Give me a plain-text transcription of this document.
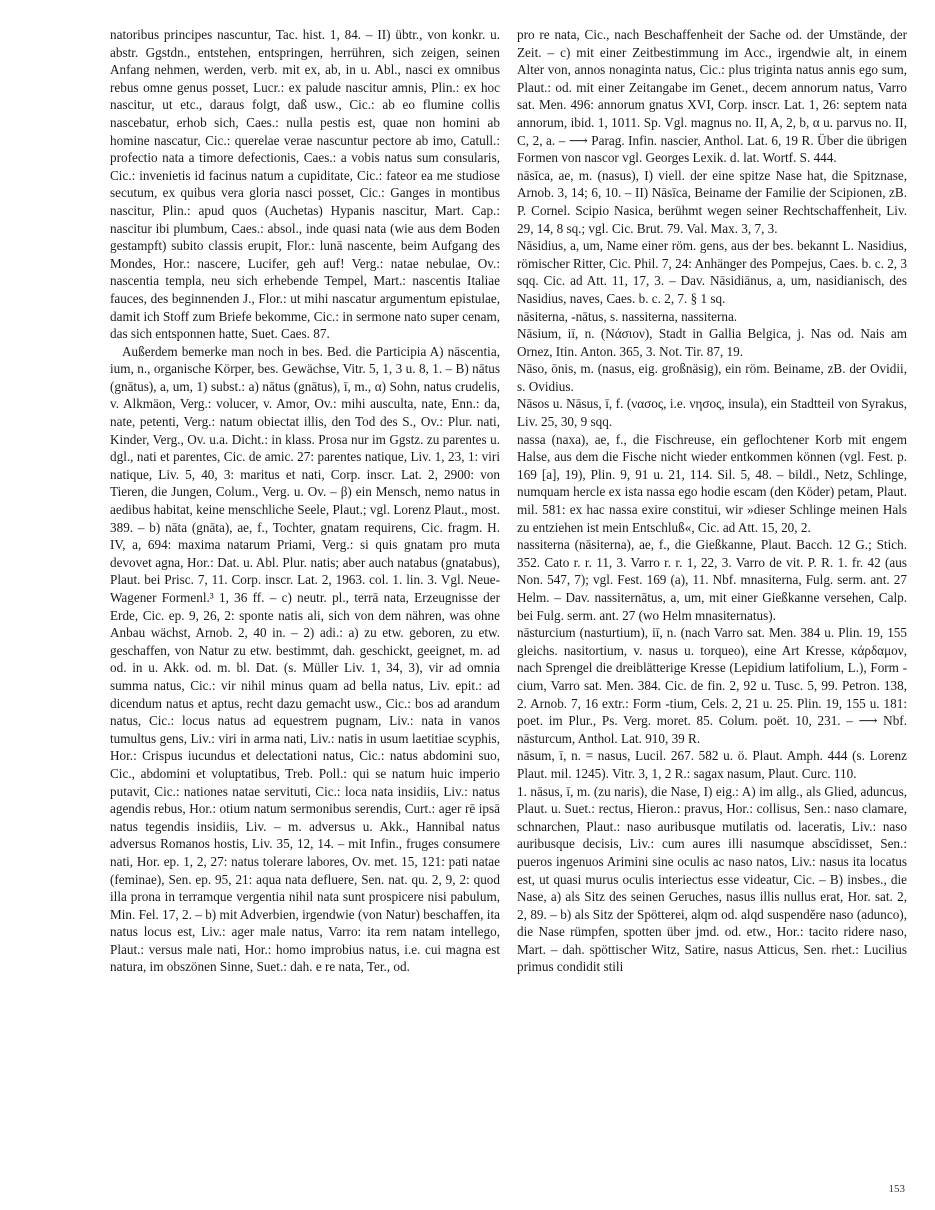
natoribus principes nascuntur, Tac. hist. 1, 84. – II) übtr., von konkr. u. abstr. Ggstdn., entstehen, entspringen, herrühren, sich zeigen, seinen Anfang nehmen, werden, verb. mit ex, ab, in u. Abl., nasci ex omnibus rebus omne genus posset, Lucr.: ex palude nascitur amnis, Plin.: ex hoc nascitur, ut etc., daraus folgt, daß usw., Cic.: ab eo flumine collis nascebatur, erhob sich, Caes.: nulla pestis est, quae non homini ab homine nascatur, Cic.: querelae verae nascuntur pectore ab imo, Catull.: profectio nata a timore defectionis, Caes.: a vobis natus sum consularis, Cic.: invenietis id facinus natum a cupiditate, Cic.: fateor ea me studiose secutum, ex quibus vera gloria nasci posset, Cic.: Ganges in montibus nascitur, Plin.: apud quos (Auchetas) Hypanis nascitur, Mart. Cap.: nascitur ibi plumbum, Caes.: absol., inde quasi nata (wie aus dem Boden gestampft) subito classis erupit, Flor.: lunā nascente, beim Aufgang des Mondes, Hor.: nascere, Lucifer, geh auf! Verg.: natae nebulae, Ov.: nascentia templa, neu sich erhebende Tempel, Mart.: nascentis Italiae fauces, des beginnenden J., Flor.: ut mihi nascatur argumentum epistulae, damit ich Stoff zum Briefe bekomme, Cic.: in sermone nato super cenam, das sich entsponnen hatte, Suet. Caes. 87.

Außerdem bemerke man noch in bes. Bed. die Participia A) nāscentia, ium, n., organische Körper, bes. Gewächse, Vitr. 5, 1, 3 u. 8, 1. – B) nātus (gnātus), a, um, 1) subst.: a) nātus (gnātus), ī, m., α) Sohn, natus crudelis, v. Alkmäon, Verg.: volucer, v. Amor, Ov.: mihi ausculta, nate, Enn.: da, nate, petenti, Verg.: natum obiectat illis, den Tod des S., Ov.: Plur. nati, Kinder, Verg., Ov. u.a. Dicht.: in klass. Prosa nur im Ggstz. zu parentes u. dgl., nati et parentes, Cic. de amic. 27: parentes natique, Liv. 1, 23, 1: viri natique, Liv. 5, 40, 3: maritus et nati, Corp. inscr. Lat. 2, 2900: von Tieren, die Jungen, Colum., Verg. u. Ov. – β) ein Mensch, nemo natus in aedibus habitat, keine menschliche Seele, Plaut.; vgl. Lorenz Plaut., most. 389. – b) nāta (gnāta), ae, f., Tochter, gnatam requirens, Cic. fragm. H. IV, a, 694: maxima natarum Priami, Verg.: si quis gnatam pro muta devovet agna, Hor.: Dat. u. Abl. Plur. natis; aber auch natabus (gnatabus), Plaut. bei Prisc. 7, 11. Corp. inscr. Lat. 2, 1963. col. 1. lin. 3. Vgl. Neue-Wagener Formenl.³ 1, 36 ff. – c) neutr. pl., terrā nata, Erzeugnisse der Erde, Cic. ep. 9, 26, 2: sponte natis ali, sich von dem nähren, was ohne Anbau wächst, Arnob. 2, 40 in. – 2) adi.: a) zu etw. geboren, zu etw. geschaffen, von Natur zu etw. bestimmt, dah. geschickt, geeignet, m. ad od. in u. Akk. od. m. bl. Dat. (s. Müller Liv. 1, 34, 3), vir ad omnia summa natus, Cic.: vir nihil minus quam ad bella natus, Liv. epit.: ad dicendum natus et aptus, recht dazu gemacht usw., Cic.: bos ad arandum natus, Cic.: locus natus ad equestrem pugnam, Liv.: nata in vanos tumultus gens, Liv.: viri in arma nati, Liv.: natis in usum laetitiae scyphis, Hor.: Crispus iucundus et delectationi natus, Cic.: natus abdomini suo, Cic., abdomini et voluptatibus, Treb. Poll.: qui se natum huic imperio putavit, Cic.: nationes natae servituti, Cic.: loca nata insidiis, Liv.: natus agendis rebus, Hor.: otium natum sermonibus serendis, Curt.: ager rē ipsā natus tegendis insidiis, Liv. – m. adversus u. Akk., Hannibal natus adversus Romanos hostis, Liv. 35, 12, 14. – mit Infin., fruges consumere nati, Hor. ep. 1, 2, 27: natus tolerare labores, Ov. met. 15, 121: pati natae (feminae), Sen. ep. 95, 21: aqua nata defluere, Sen. nat. qu. 2, 9, 2: quod illa prona in terramque vergentia nihil nata sunt prospicere nisi pabulum, Min. Fel. 17, 2. – b) mit Adverbien, irgendwie (von Natur) beschaffen, ita natus locus est, Liv.: ager male natus, Varro: ita rem natam intellego, Plaut.: versus male nati, Hor.: homo improbius natus, i.e. cui magna est natura, im obszönen Sinne, Suet.: dah. e re nata, Ter., od.

pro re nata, Cic., nach Beschaffenheit der Sache od. der Umstände, der Zeit. – c) mit einer Zeitbestimmung im Acc., irgendwie alt, in einem Alter von, annos nonaginta natus, Cic.: plus triginta natus annis ego sum, Plaut.: od. mit einer Zeitangabe im Genet., decem annorum natus, Varro sat. Men. 496: annorum gnatus XVI, Corp. inscr. Lat. 1, 26: septem nata annorum, ibid. 1, 1011. Sp. Vgl. magnus no. II, A, 2, b, α u. parvus no. II, C, 2, a. – ⟶ Parag. Infin. nascier, Anthol. Lat. 6, 19 R. Über die übrigen Formen von nascor vgl. Georges Lexik. d. lat. Wortf. S. 444.

nāsīca, ae, m. (nasus), I) viell. der eine spitze Nase hat, die Spitznase, Arnob. 3, 14; 6, 10. – II) Nāsīca, Beiname der Familie der Scipionen, zB. P. Cornel. Scipio Nasica, berühmt wegen seiner Rechtschaffenheit, Liv. 29, 14, 8 sq.; vgl. Cic. Brut. 79. Val. Max. 3, 7, 3.

Nāsidius, a, um, Name einer röm. gens, aus der bes. bekannt L. Nasidius, römischer Ritter, Cic. Phil. 7, 24: Anhänger des Pompejus, Caes. b. c. 2, 3 sqq. Cic. ad Att. 11, 17, 3. – Dav. Nāsidiānus, a, um, nasidianisch, des Nasidius, naves, Caes. b. c. 2, 7. § 1 sq.

nāsiterna, -nātus, s. nassiterna, nassiterna.

Nāsium, iī, n. (Νάσιον), Stadt in Gallia Belgica, j. Nas od. Nais am Ornez, Itin. Anton. 365, 3. Not. Tir. 87, 19.

Nāso, ōnis, m. (nasus, eig. großnäsig), ein röm. Beiname, zB. der Ovidii, s. Ovidius.

Nāsos u. Nāsus, ī, f. (νασος, i.e. νησος, insula), ein Stadtteil von Syrakus, Liv. 25, 30, 9 sqq.

nassa (naxa), ae, f., die Fischreuse, ein geflochtener Korb mit engem Halse, aus dem die Fische nicht wieder entkommen können (vgl. Fest. p. 169 [a], 19), Plin. 9, 91 u. 21, 114. Sil. 5, 48. – bildl., Netz, Schlinge, numquam hercle ex ista nassa ego hodie escam (den Köder) petam, Plaut. mil. 581: ex hac nassa exire constitui, wir »dieser Schlinge meinen Hals zu entziehen ist mein Entschluß«, Cic. ad Att. 15, 20, 2.

nassiterna (nāsiterna), ae, f., die Gießkanne, Plaut. Bacch. 12 G.; Stich. 352. Cato r. r. 11, 3. Varro r. r. 1, 22, 3. Varro de vit. P. R. 1. fr. 42 (aus Non. 547, 7); vgl. Fest. 169 (a), 11. Nbf. mnasiterna, Fulg. serm. ant. 27 Helm. – Dav. nassiternātus, a, um, mit einer Gießkanne versehen, Calp. bei Fulg. serm. ant. 27 (wo Helm mnasiternatus).

nāsturcium (nasturtium), iī, n. (nach Varro sat. Men. 384 u. Plin. 19, 155 gleichs. nasitortium, v. nasus u. torqueo), eine Art Kresse, κάρδαμον, nach Sprengel die dreiblätterige Kresse (Lepidium latifolium, L.), Form -cium, Varro sat. Men. 384. Cic. de fin. 2, 92 u. Tusc. 5, 99. Petron. 138, 2. Arnob. 7, 16 extr.: Form -tium, Cels. 2, 21 u. 25. Plin. 19, 155 u. 181: poet. im Plur., Ps. Verg. moret. 85. Colum. poët. 10, 231. – ⟶ Nbf. nāsturcum, Anthol. Lat. 910, 39 R.

nāsum, ī, n. = nasus, Lucil. 267. 582 u. ö. Plaut. Amph. 444 (s. Lorenz Plaut. mil. 1245). Vitr. 3, 1, 2 R.: sagax nasum, Plaut. Curc. 110.

1. nāsus, ī, m. (zu naris), die Nase, I) eig.: A) im allg., als Glied, aduncus, Plaut. u. Suet.: rectus, Hieron.: pravus, Hor.: collisus, Sen.: naso clamare, schnarchen, Plaut.: naso auribusque mutilatis od. laceratis, Liv.: naso auribusque decisis, Liv.: cum aures illi nasumque abscīdisset, Sen.: pueros ingenuos Arimini sine oculis ac naso natos, Liv.: nasus ita locatus est, ut quasi murus oculis interiectus esse videatur, Cic. – B) insbes., die Nase, a) als Sitz des seinen Geruches, nasus illis nullus erat, Hor. sat. 2, 2, 89. – b) als Sitz der Spötterei, alqm od. alqd suspendĕre naso (adunco), die Nase rümpfen, spotten über jmd. od. etw., Hor.: tacito ridere naso, Mart. – dah. spöttischer Witz, Satire, nasus Atticus, Sen. rhet.: Lucilius primus condidit stili

153
